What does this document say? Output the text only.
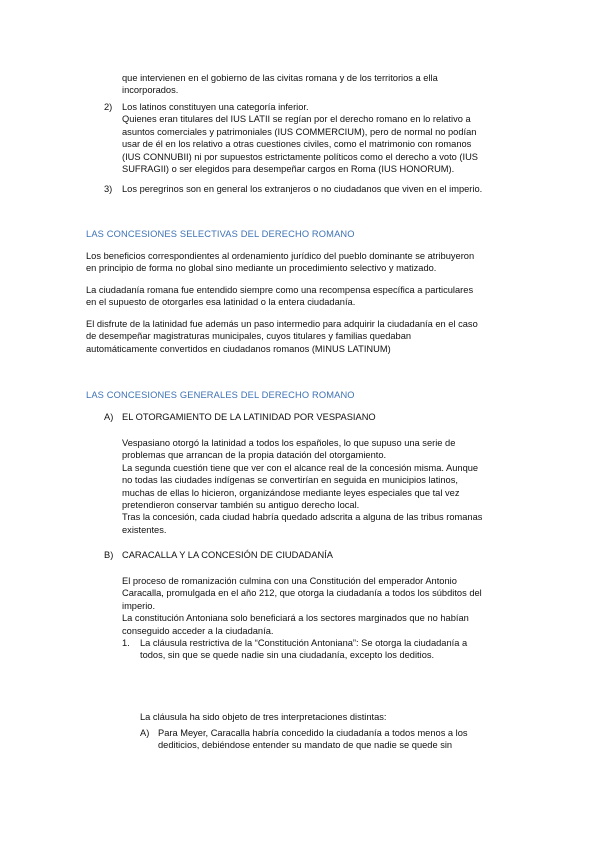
que intervienen en el gobierno de las civitas romana y de los territorios a ella

incorporados.

2) Los latinos constituyen una categoría inferior.

Quienes eran titulares del IUS LATII se regían por el derecho romano en lo relativo a

asuntos comerciales y patrimoniales (IUS COMMERCIUM), pero de normal no podían

usar de él en los relativo a otras cuestiones civiles, como el matrimonio con romanos

(IUS CONNUBII) ni por supuestos estrictamente políticos como el derecho a voto (IUS

SUFRAGII) o ser elegidos para desempeñar cargos en Roma (IUS HONORUM).

3) Los peregrinos son en general los extranjeros o no ciudadanos que viven en el imperio.

LAS CONCESIONES SELECTIVAS DEL DERECHO ROMANO

Los beneficios correspondientes al ordenamiento jurídico del pueblo dominante se atribuyeron

en principio de forma no global sino mediante un procedimiento selectivo y matizado.

La ciudadanía romana fue entendido siempre como una recompensa específica a particulares

en el supuesto de otorgarles esa latinidad o la entera ciudadanía.

El disfrute de la latinidad fue además un paso intermedio para adquirir la ciudadanía en el caso

de desempeñar magistraturas municipales, cuyos titulares y familias quedaban

automáticamente convertidos en ciudadanos romanos (MINUS LATINUM)

LAS CONCESIONES GENERALES DEL DERECHO ROMANO
A) EL OTORGAMIENTO DE LA LATINIDAD POR VESPASIANO

Vespasiano otorgó la latinidad a todos los españoles, lo que supuso una serie de

problemas que arrancan de la propia datación del otorgamiento.

La segunda cuestión tiene que ver con el alcance real de la concesión misma. Aunque

no todas las ciudades indígenas se convertirían en seguida en municipios latinos,

muchas de ellas lo hicieron, organizándose mediante leyes especiales que tal vez

pretendieron conservar también su antiguo derecho local.

Tras la concesión, cada ciudad habría quedado adscrita a alguna de las tribus romanas

existentes.

B) CARACALLA Y LA CONCESIÓN DE CIUDADANÍA

El proceso de romanización culmina con una Constitución del emperador Antonio

Caracalla, promulgada en el año 212, que otorga la ciudadanía a todos los súbditos del

imperio.

La constitución Antoniana solo beneficiará a los sectores marginados que no habían

conseguido acceder a la ciudadanía.

1. La cláusula restrictiva de la “Constitución Antoniana”: Se otorga la ciudadanía a

todos, sin que se quede nadie sin una ciudadanía, excepto los deditios.

La cláusula ha sido objeto de tres interpretaciones distintas:

A) Para Meyer, Caracalla habría concedido la ciudadanía a todos menos a los

dediticios, debiéndose entender su mandato de que nadie se quede sin
